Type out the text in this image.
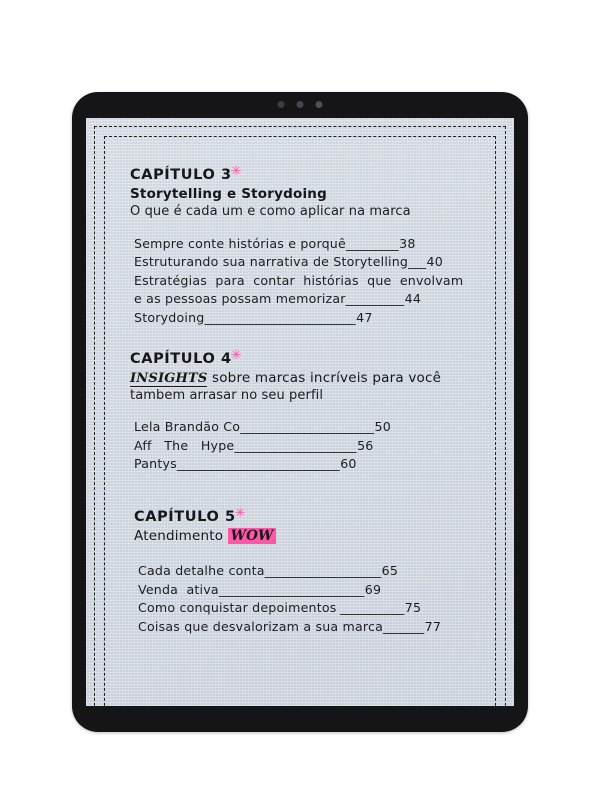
CAPÍTULO 3✳
Storytelling e Storydoing
O que é cada um e como aplicar na marca
Sempre conte histórias e porquê _________ 38
Estruturando sua narrativa de Storytelling ___ 40
Estratégias  para  contar  histórias  que  envolvam
e as pessoas possam memorizar __________ 44
Storydoing __________________________ 47
CAPÍTULO 4✳
INSIGHTS sobre marcas incríveis para você
tambem arrasar no seu perfil
Lela Brandão Co _______________________ 50
Aff   The   Hype _____________________ 56
Pantys ____________________________ 60
CAPÍTULO 5✳
Atendimento WOW
Cada detalhe conta ____________________ 65
Venda  ativa _________________________ 69
Como conquistar depoimentos ___________ 75
Coisas que desvalorizam a sua marca _______ 77
